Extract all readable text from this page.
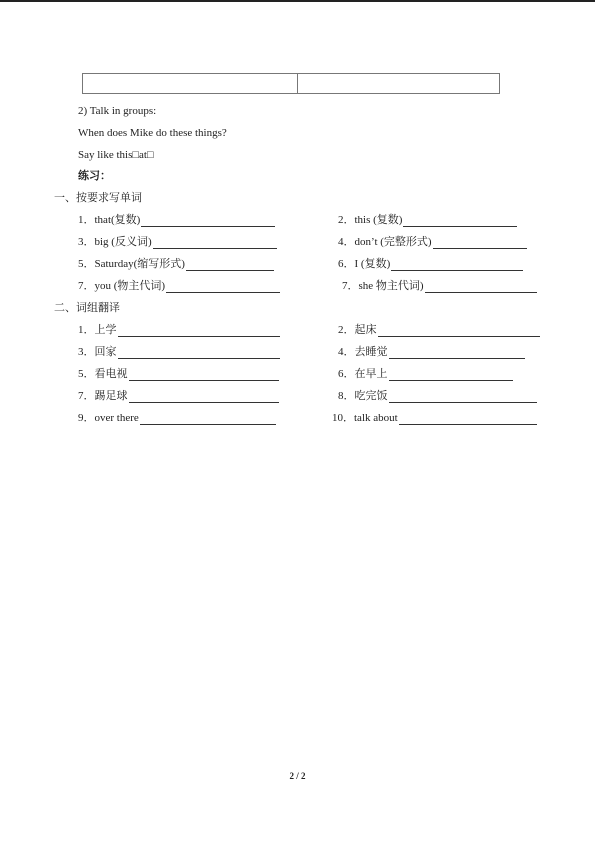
2) Talk in groups:
When does Mike do these things?
Say like this□at□
练习：
一、按要求写单词
1．that(复数)	2．this (复数)
3．big (反义词)	4．don’t (完整形式)
5．Saturday(缩写形式)	6．I (复数)
7．you (物主代词)	7．she 物主代词)
二、词组翻译
1．上学	2．起床
3．回家	4．去睡觉
5．看电视	6．在早上
7．踢足球	8．吃完饭
9．over there	10．talk about
2 / 2
